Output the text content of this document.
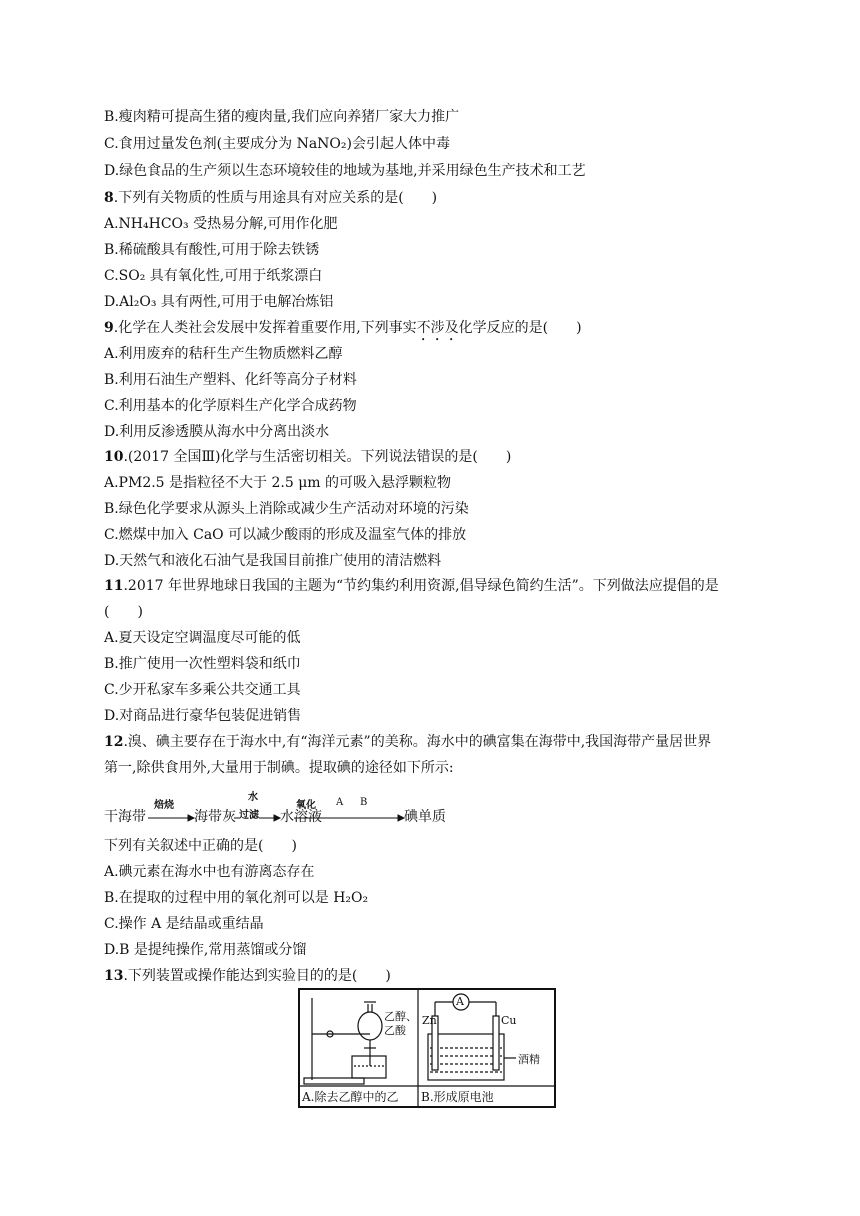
B.瘦肉精可提高生猪的瘦肉量,我们应向养猪厂家大力推广
C.食用过量发色剂(主要成分为 NaNO₂)会引起人体中毒
D.绿色食品的生产须以生态环境较佳的地域为基地,并采用绿色生产技术和工艺
8.下列有关物质的性质与用途具有对应关系的是(　　)
A.NH₄HCO₃ 受热易分解,可用作化肥
B.稀硫酸具有酸性,可用于除去铁锈
C.SO₂ 具有氧化性,可用于纸浆漂白
D.Al₂O₃ 具有两性,可用于电解冶炼铝
9.化学在人类社会发展中发挥着重要作用,下列事实不涉及化学反应的是(　　)
A.利用废弃的秸秆生产生物质燃料乙醇
B.利用石油生产塑料、化纤等高分子材料
C.利用基本的化学原料生产化学合成药物
D.利用反渗透膜从海水中分离出淡水
10.(2017 全国Ⅲ)化学与生活密切相关。下列说法错误的是(　　)
A.PM2.5 是指粒径不大于 2.5 μm 的可吸入悬浮颗粒物
B.绿色化学要求从源头上消除或减少生产活动对环境的污染
C.燃煤中加入 CaO 可以减少酸雨的形成及温室气体的排放
D.天然气和液化石油气是我国目前推广使用的清洁燃料
11.2017 年世界地球日我国的主题为“节约集约利用资源,倡导绿色简约生活”。下列做法应提倡的是
(　　)
A.夏天设定空调温度尽可能的低
B.推广使用一次性塑料袋和纸巾
C.少开私家车多乘公共交通工具
D.对商品进行豪华包装促进销售
12.溴、碘主要存在于海水中,有“海洋元素”的美称。海水中的碘富集在海带中,我国海带产量居世界
第一,除供食用外,大量用于制碘。提取碘的途径如下所示:
干海带
焙烧
海带灰
水
过滤 水溶液
氧化 A B
碘单质
下列有关叙述中正确的是(　　)
A.碘元素在海水中也有游离态存在
B.在提取的过程中用的氧化剂可以是 H₂O₂
C.操作 A 是结晶或重结晶
D.B 是提纯操作,常用蒸馏或分馏
13.下列装置或操作能达到实验目的的是(　　)
乙醇、
乙酸
A
Zn	Cu
酒精
A.除去乙醇中的乙 B.形成原电池
